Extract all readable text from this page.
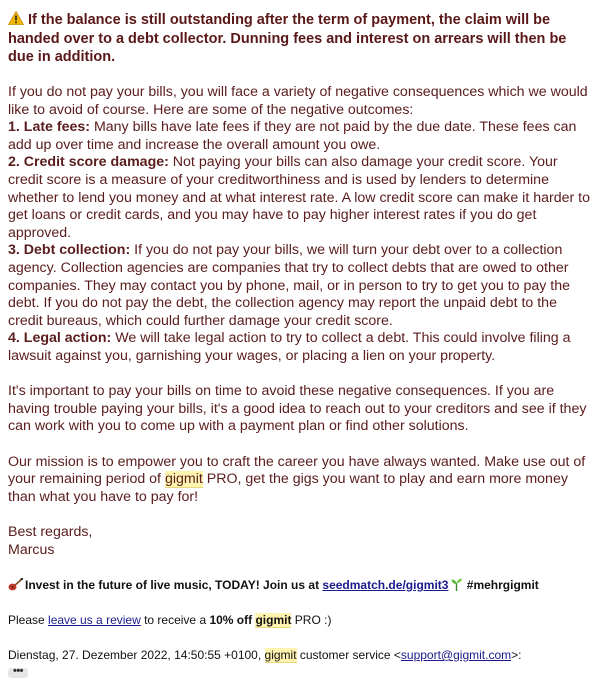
If the balance is still outstanding after the term of payment, the claim will be handed over to a debt collector. Dunning fees and interest on arrears will then be due in addition.

If you do not pay your bills, you will face a variety of negative consequences which we would like to avoid of course. Here are some of the negative outcomes:
1. Late fees: Many bills have late fees if they are not paid by the due date. These fees can add up over time and increase the overall amount you owe.
2. Credit score damage: Not paying your bills can also damage your credit score. Your credit score is a measure of your creditworthiness and is used by lenders to determine whether to lend you money and at what interest rate. A low credit score can make it harder to get loans or credit cards, and you may have to pay higher interest rates if you do get approved.
3. Debt collection: If you do not pay your bills, we will turn your debt over to a collection agency. Collection agencies are companies that try to collect debts that are owed to other companies. They may contact you by phone, mail, or in person to try to get you to pay the debt. If you do not pay the debt, the collection agency may report the unpaid debt to the credit bureaus, which could further damage your credit score.
4. Legal action: We will take legal action to try to collect a debt. This could involve filing a lawsuit against you, garnishing your wages, or placing a lien on your property.

It's important to pay your bills on time to avoid these negative consequences. If you are having trouble paying your bills, it's a good idea to reach out to your creditors and see if they can work with you to come up with a payment plan or find other solutions.

Our mission is to empower you to craft the career you have always wanted. Make use out of your remaining period of gigmit PRO, get the gigs you want to play and earn more money than what you have to pay for!

Best regards,
Marcus

Invest in the future of live music, TODAY! Join us at seedmatch.de/gigmit3 #mehrgigmit
Please leave us a review to receive a 10% off gigmit PRO :)
Dienstag, 27. Dezember 2022, 14:50:55 +0100, gigmit customer service <support@gigmit.com>:
•••
